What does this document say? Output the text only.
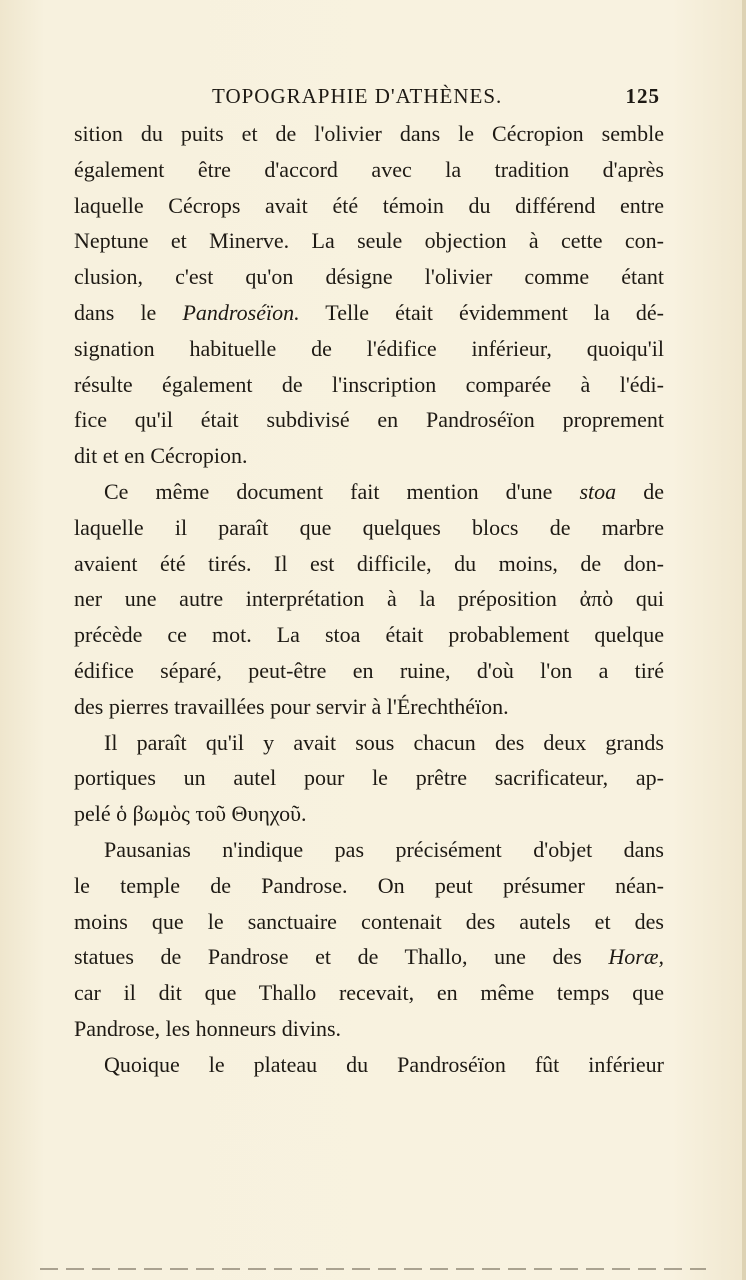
TOPOGRAPHIE D'ATHÈNES.	125

sition du puits et de l'olivier dans le Cécropion semble
également être d'accord avec la tradition d'après
laquelle Cécrops avait été témoin du différend entre
Neptune et Minerve. La seule objection à cette con-
clusion, c'est qu'on désigne l'olivier comme étant
dans le Pandroséïon. Telle était évidemment la dé-
signation habituelle de l'édifice inférieur, quoiqu'il
résulte également de l'inscription comparée à l'édi-
fice qu'il était subdivisé en Pandroséïon proprement
dit et en Cécropion.

Ce même document fait mention d'une stoa de
laquelle il paraît que quelques blocs de marbre
avaient été tirés. Il est difficile, du moins, de don-
ner une autre interprétation à la préposition ἀπὸ qui
précède ce mot. La stoa était probablement quelque
édifice séparé, peut-être en ruine, d'où l'on a tiré
des pierres travaillées pour servir à l'Érechthéïon.

Il paraît qu'il y avait sous chacun des deux grands
portiques un autel pour le prêtre sacrificateur, ap-
pelé ὁ βωμὸς τοῦ Θυηχοῦ.

Pausanias n'indique pas précisément d'objet dans
le temple de Pandrose. On peut présumer néan-
moins que le sanctuaire contenait des autels et des
statues de Pandrose et de Thallo, une des Horæ,
car il dit que Thallo recevait, en même temps que
Pandrose, les honneurs divins.

Quoique le plateau du Pandroséïon fût inférieur
